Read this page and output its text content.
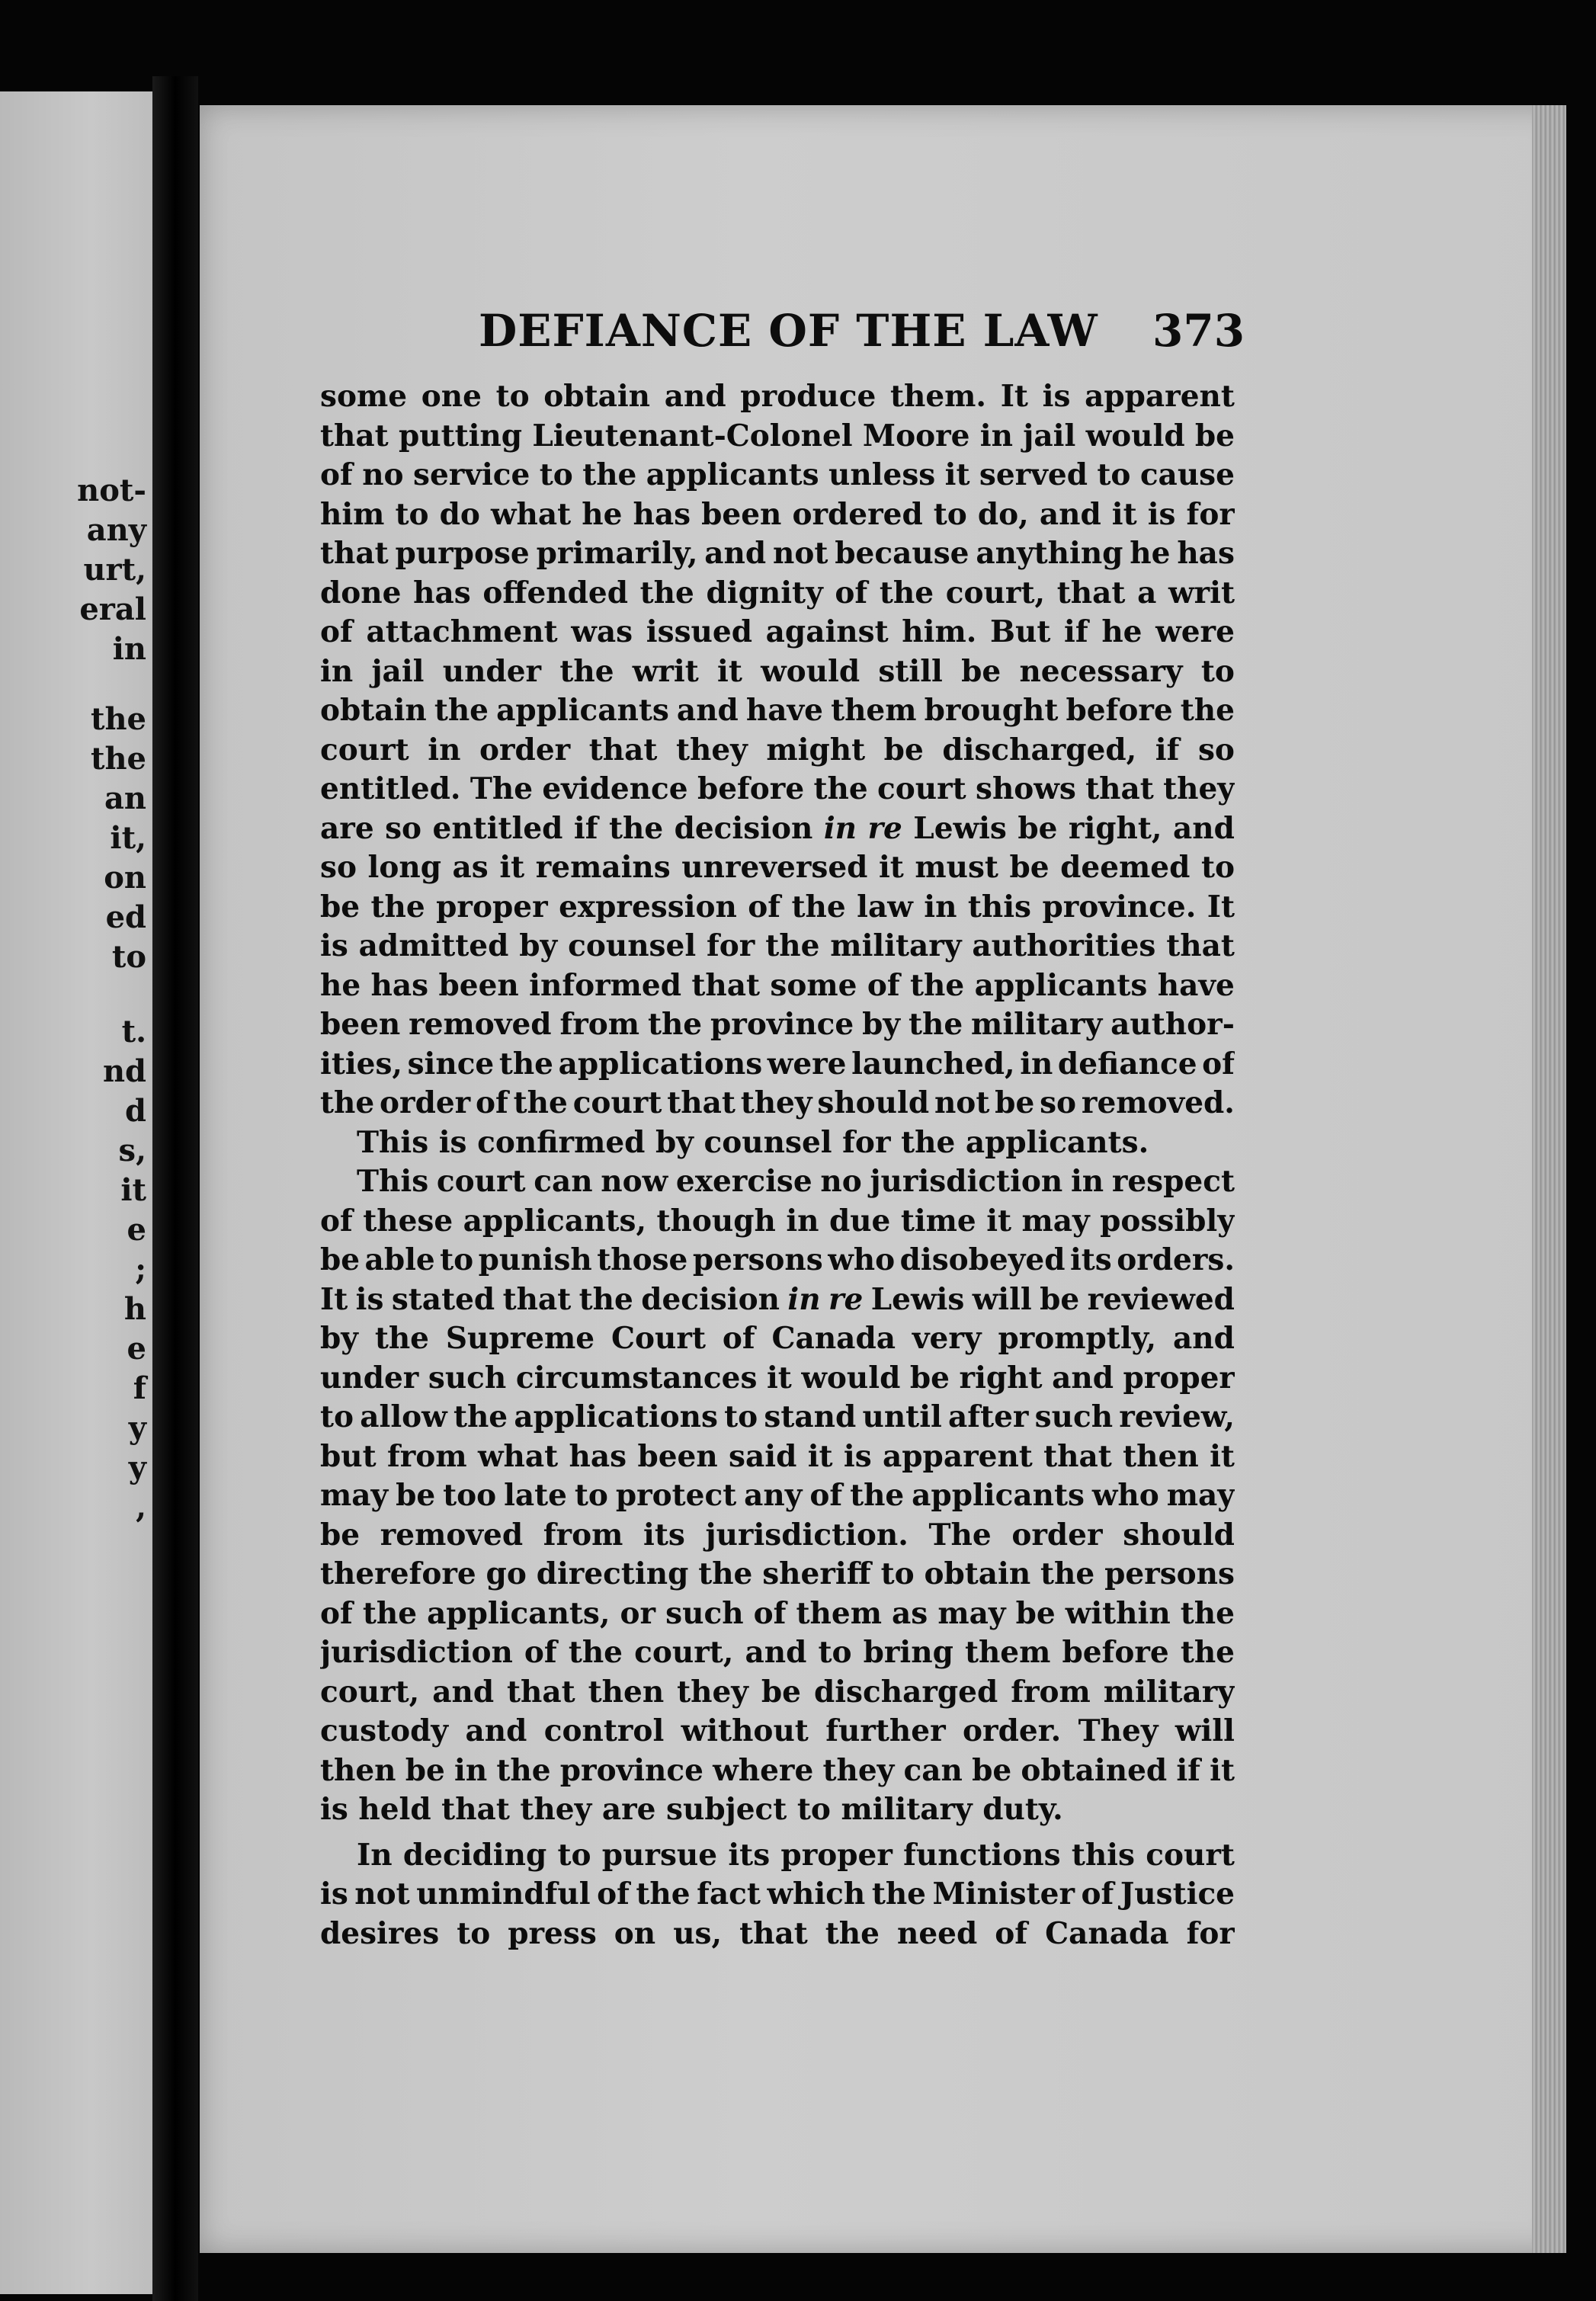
not-
any
urt,
eral
in
the
the
an
it,
on
ed
to
t.
nd
d
s,
it
e
;
h
e
f
y
y
,
DEFIANCE OF THE LAW 373
some one to obtain and produce them. It is apparent
that putting Lieutenant-Colonel Moore in jail would be
of no service to the applicants unless it served to cause
him to do what he has been ordered to do, and it is for
that purpose primarily, and not because anything he has
done has offended the dignity of the court, that a writ
of attachment was issued against him. But if he were
in jail under the writ it would still be necessary to
obtain the applicants and have them brought before the
court in order that they might be discharged, if so
entitled. The evidence before the court shows that they
are so entitled if the decision in re Lewis be right, and
so long as it remains unreversed it must be deemed to
be the proper expression of the law in this province. It
is admitted by counsel for the military authorities that
he has been informed that some of the applicants have
been removed from the province by the military author-
ities, since the applications were launched, in defiance of
the order of the court that they should not be so removed.
This is confirmed by counsel for the applicants.
This court can now exercise no jurisdiction in respect
of these applicants, though in due time it may possibly
be able to punish those persons who disobeyed its orders.
It is stated that the decision in re Lewis will be reviewed
by the Supreme Court of Canada very promptly, and
under such circumstances it would be right and proper
to allow the applications to stand until after such review,
but from what has been said it is apparent that then it
may be too late to protect any of the applicants who may
be removed from its jurisdiction. The order should
therefore go directing the sheriff to obtain the persons
of the applicants, or such of them as may be within the
jurisdiction of the court, and to bring them before the
court, and that then they be discharged from military
custody and control without further order. They will
then be in the province where they can be obtained if it
is held that they are subject to military duty.
In deciding to pursue its proper functions this court
is not unmindful of the fact which the Minister of Justice
desires to press on us, that the need of Canada for
